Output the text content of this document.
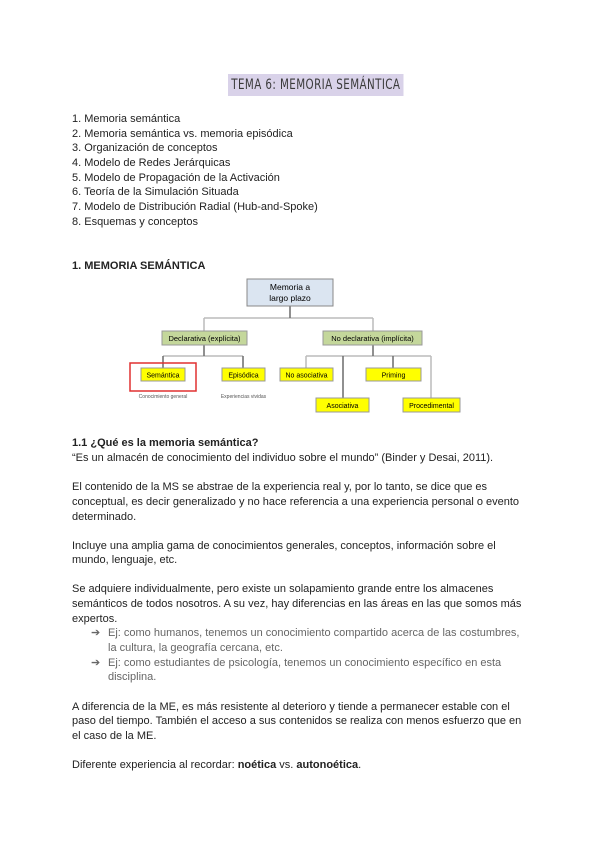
TEMA 6: MEMORIA SEMÁNTICA
1. Memoria semántica
2. Memoria semántica vs. memoria episódica
3. Organización de conceptos
4. Modelo de Redes Jerárquicas
5. Modelo de Propagación de la Activación
6. Teoría de la Simulación Situada
7. Modelo de Distribución Radial (Hub-and-Spoke)
8. Esquemas y conceptos
1. MEMORIA SEMÁNTICA
Memoria a
largo plazo
Declarativa (explícita)	No declarativa (implícita)
Semántica	Episódica
Conocimiento general	Experiencias vividas
No asociativa	Priming
Asociativa	Procedimental
1.1 ¿Qué es la memoria semántica?
“Es un almacén de conocimiento del individuo sobre el mundo” (Binder y Desai, 2011).
El contenido de la MS se abstrae de la experiencia real y, por lo tanto, se dice que es
conceptual, es decir generalizado y no hace referencia a una experiencia personal o evento
determinado.
Incluye una amplia gama de conocimientos generales, conceptos, información sobre el
mundo, lenguaje, etc.
Se adquiere individualmente, pero existe un solapamiento grande entre los almacenes
semánticos de todos nosotros. A su vez, hay diferencias en las áreas en las que somos más
expertos.
➔ Ej: como humanos, tenemos un conocimiento compartido acerca de las costumbres,
la cultura, la geografía cercana, etc.
➔ Ej: como estudiantes de psicología, tenemos un conocimiento específico en esta
disciplina.
A diferencia de la ME, es más resistente al deterioro y tiende a permanecer estable con el
paso del tiempo. También el acceso a sus contenidos se realiza con menos esfuerzo que en
el caso de la ME.
Diferente experiencia al recordar: noética vs. autonoética.
